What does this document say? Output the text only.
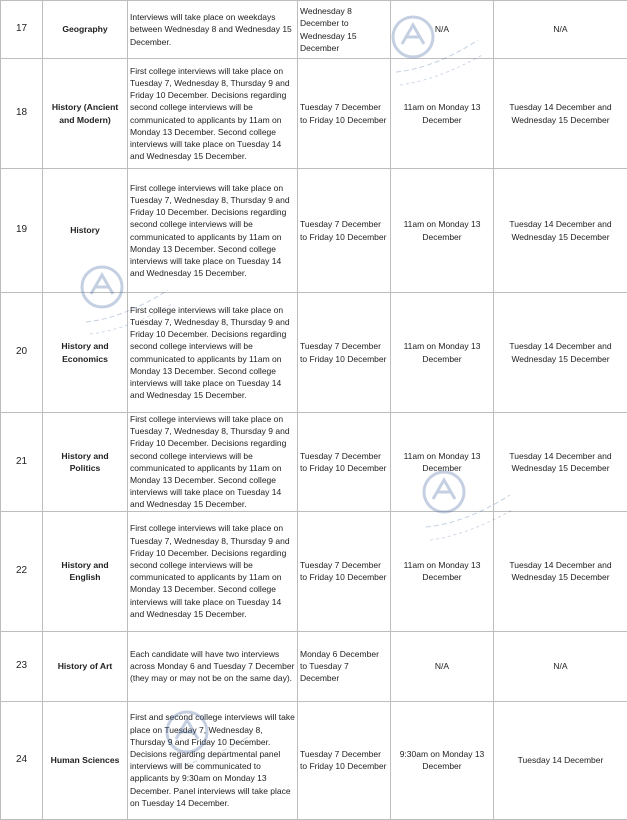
17	Geography	Interviews will take place on weekdays between Wednesday 8 and Wednesday 15 December.	Wednesday 8 December to Wednesday 15 December	N/A	N/A
18	History (Ancient and Modern)	First college interviews will take place on Tuesday 7, Wednesday 8, Thursday 9 and Friday 10 December. Decisions regarding second college interviews will be communicated to applicants by 11am on Monday 13 December. Second college interviews will take place on Tuesday 14 and Wednesday 15 December.	Tuesday 7 December to Friday 10 December	11am on Monday 13 December	Tuesday 14 December and Wednesday 15 December
19	History	First college interviews will take place on Tuesday 7, Wednesday 8, Thursday 9 and Friday 10 December. Decisions regarding second college interviews will be communicated to applicants by 11am on Monday 13 December. Second college interviews will take place on Tuesday 14 and Wednesday 15 December.	Tuesday 7 December to Friday 10 December	11am on Monday 13 December	Tuesday 14 December and Wednesday 15 December
20	History and Economics	First college interviews will take place on Tuesday 7, Wednesday 8, Thursday 9 and Friday 10 December. Decisions regarding second college interviews will be communicated to applicants by 11am on Monday 13 December. Second college interviews will take place on Tuesday 14 and Wednesday 15 December.	Tuesday 7 December to Friday 10 December	11am on Monday 13 December	Tuesday 14 December and Wednesday 15 December
21	History and Politics	First college interviews will take place on Tuesday 7, Wednesday 8, Thursday 9 and Friday 10 December. Decisions regarding second college interviews will be communicated to applicants by 11am on Monday 13 December. Second college interviews will take place on Tuesday 14 and Wednesday 15 December.	Tuesday 7 December to Friday 10 December	11am on Monday 13 December	Tuesday 14 December and Wednesday 15 December
22	History and English	First college interviews will take place on Tuesday 7, Wednesday 8, Thursday 9 and Friday 10 December. Decisions regarding second college interviews will be communicated to applicants by 11am on Monday 13 December. Second college interviews will take place on Tuesday 14 and Wednesday 15 December.	Tuesday 7 December to Friday 10 December	11am on Monday 13 December	Tuesday 14 December and Wednesday 15 December
23	History of Art	Each candidate will have two interviews across Monday 6 and Tuesday 7 December (they may or may not be on the same day).	Monday 6 December to Tuesday 7 December	N/A	N/A
24	Human Sciences	First and second college interviews will take place on Tuesday 7, Wednesday 8, Thursday 9 and Friday 10 December. Decisions regarding departmental panel interviews will be communicated to applicants by 9:30am on Monday 13 December. Panel interviews will take place on Tuesday 14 December.	Tuesday 7 December to Friday 10 December	9:30am on Monday 13 December	Tuesday 14 December
